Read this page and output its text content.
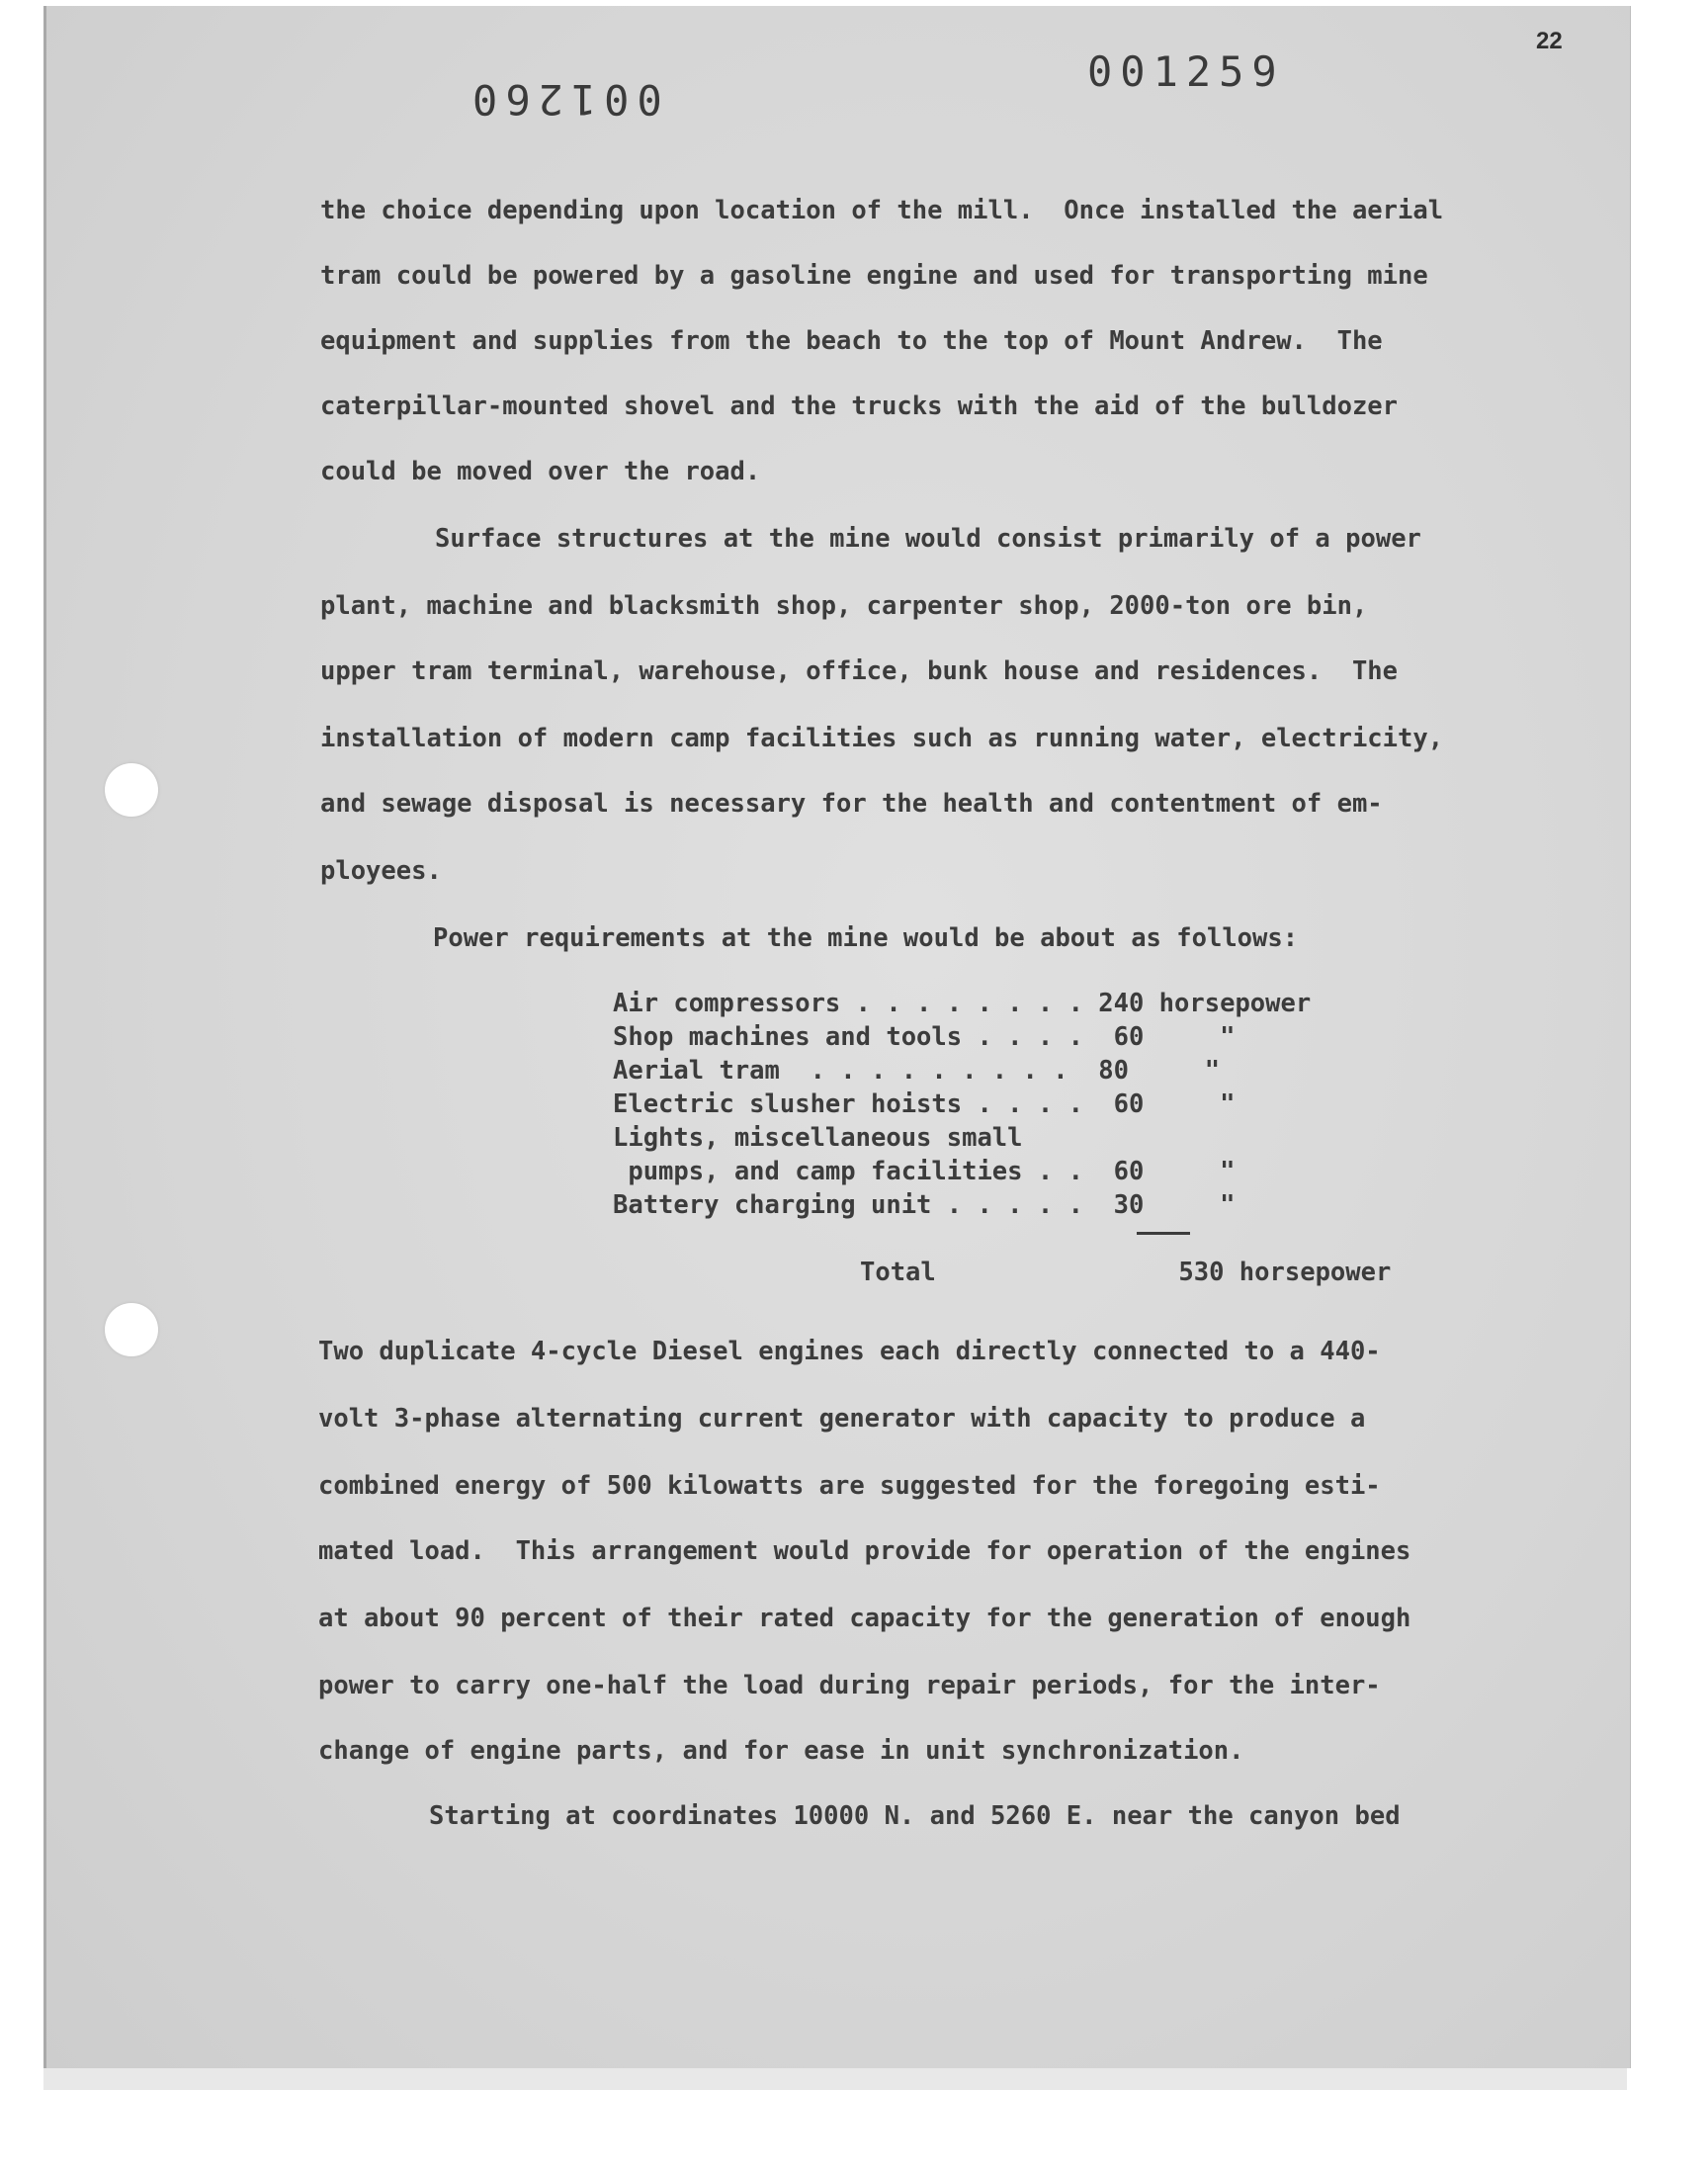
22
001260
001259
the choice depending upon location of the mill.  Once installed the aerial
tram could be powered by a gasoline engine and used for transporting mine
equipment and supplies from the beach to the top of Mount Andrew.  The
caterpillar-mounted shovel and the trucks with the aid of the bulldozer
could be moved over the road.
Surface structures at the mine would consist primarily of a power
plant, machine and blacksmith shop, carpenter shop, 2000-ton ore bin,
upper tram terminal, warehouse, office, bunk house and residences.  The
installation of modern camp facilities such as running water, electricity,
and sewage disposal is necessary for the health and contentment of em-
ployees.
Power requirements at the mine would be about as follows:
Air compressors . . . . . . . . 240 horsepower
Shop machines and tools . . . .  60     "
Aerial tram  . . . . . . . . .  80     "
Electric slusher hoists . . . .  60     "
Lights, miscellaneous small
pumps, and camp facilities . .  60     "
Battery charging unit . . . . .  30     "
Total                530 horsepower
Two duplicate 4-cycle Diesel engines each directly connected to a 440-
volt 3-phase alternating current generator with capacity to produce a
combined energy of 500 kilowatts are suggested for the foregoing esti-
mated load.  This arrangement would provide for operation of the engines
at about 90 percent of their rated capacity for the generation of enough
power to carry one-half the load during repair periods, for the inter-
change of engine parts, and for ease in unit synchronization.
Starting at coordinates 10000 N. and 5260 E. near the canyon bed
